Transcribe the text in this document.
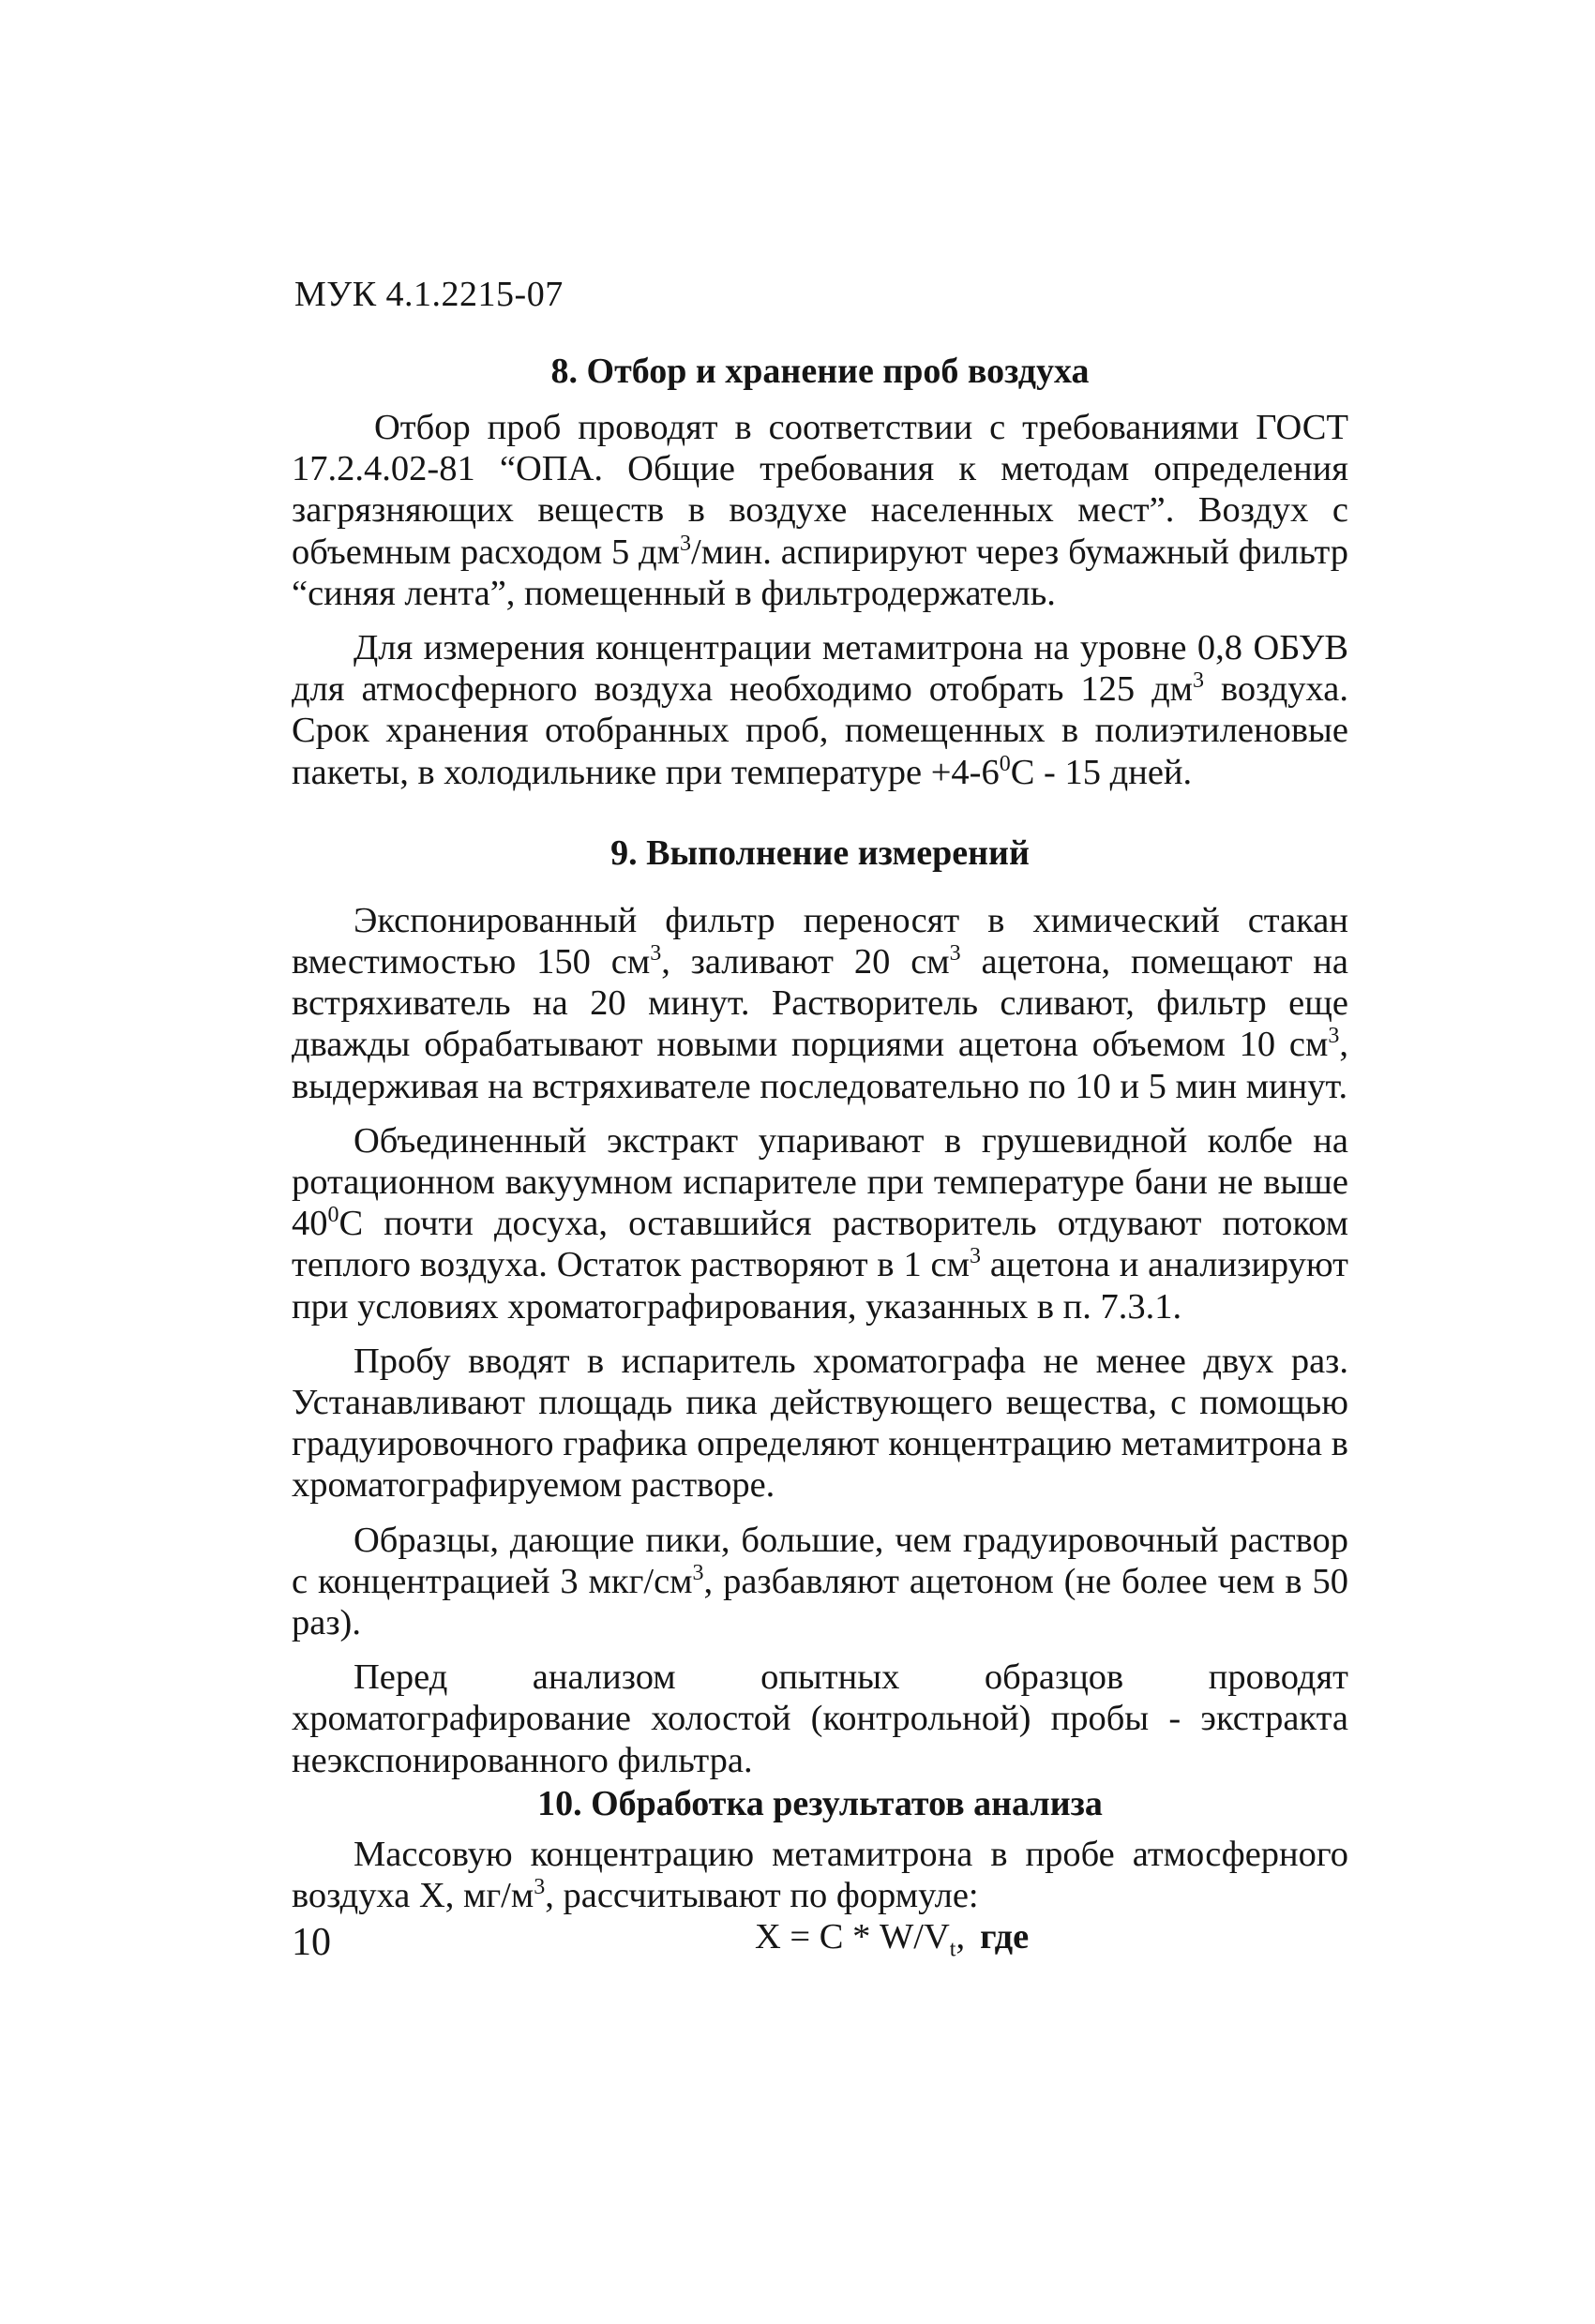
МУК 4.1.2215-07
8. Отбор и хранение проб воздуха

Отбор проб проводят в соответствии с требованиями ГОСТ 17.2.4.02-81 “ОПА. Общие требования к методам определения загрязняющих веществ в воздухе населенных мест”. Воздух с объемным расходом 5 $дм^3$/мин. аспирируют через бумажный фильтр “синяя лента”, помещенный в фильтродержатель.

Для измерения концентрации метамитрона на уровне 0,8 ОБУВ для атмосферного воздуха необходимо отобрать 125 $дм^3$ воздуха. Срок хранения отобранных проб, помещенных в полиэтиленовые пакеты, в холодильнике при температуре $+4-6^0С - 15$ дней.

9. Выполнение измерений

Экспонированный фильтр переносят в химический стакан вместимостью 150 $см^3$, заливают 20 $см^3$ ацетона, помещают на встряхиватель на 20 минут. Растворитель сливают, фильтр еще дважды обрабатывают новыми порциями ацетона объемом 10 $см^3$, выдерживая на встряхивателе последовательно по 10 и 5 мин минут.

Объединенный экстракт упаривают в грушевидной колбе на ротационном вакуумном испарителе при температуре бани не выше $40^0С$ почти досуха, оставшийся растворитель отдувают потоком теплого воздуха. Остаток растворяют в 1 $см^3$ ацетона и анализируют при условиях хроматографирования, указанных в п. 7.3.1.

Пробу вводят в испаритель хроматографа не менее двух раз. Устанавливают площадь пика действующего вещества, с помощью градуировочного графика определяют концентрацию метамитрона в хроматографируемом растворе.

Образцы, дающие пики, большие, чем градуировочный раствор с концентрацией 3 мкг/$см^3$, разбавляют ацетоном (не более чем в 50 раз).

Перед анализом опытных образцов проводят хроматографирование холостой (контрольной) пробы - экстракта неэкспонированного фильтра.

10. Обработка результатов анализа

Массовую концентрацию метамитрона в пробе атмосферного воздуха Х, $мг/м^3$, рассчитывают по формуле:

$Х = С * W/V_t$, где

10
